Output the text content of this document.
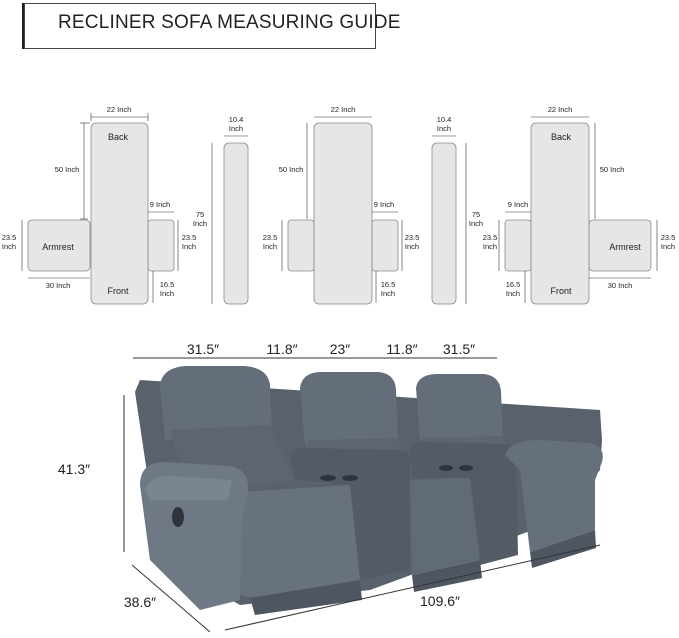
RECLINER SOFA MEASURING GUIDE
22 Inch
Back
50 Inch
Armrest
23.5
Inch
30 Inch
Front
9 Inch
23.5
Inch
16.5
Inch
10.4
Inch
75
Inch
22 Inch
50 Inch
23.5
Inch
9 Inch
23.5
Inch
16.5
Inch
10.4
Inch
75
Inch
22 Inch
Back
50 Inch
9 Inch
23.5
Inch	Armrest
23.5
Inch
30 Inch
Front
16.5
Inch
31.5″	11.8″ 23″	11.8″ 31.5″
41.3″
38.6″	109.6″
